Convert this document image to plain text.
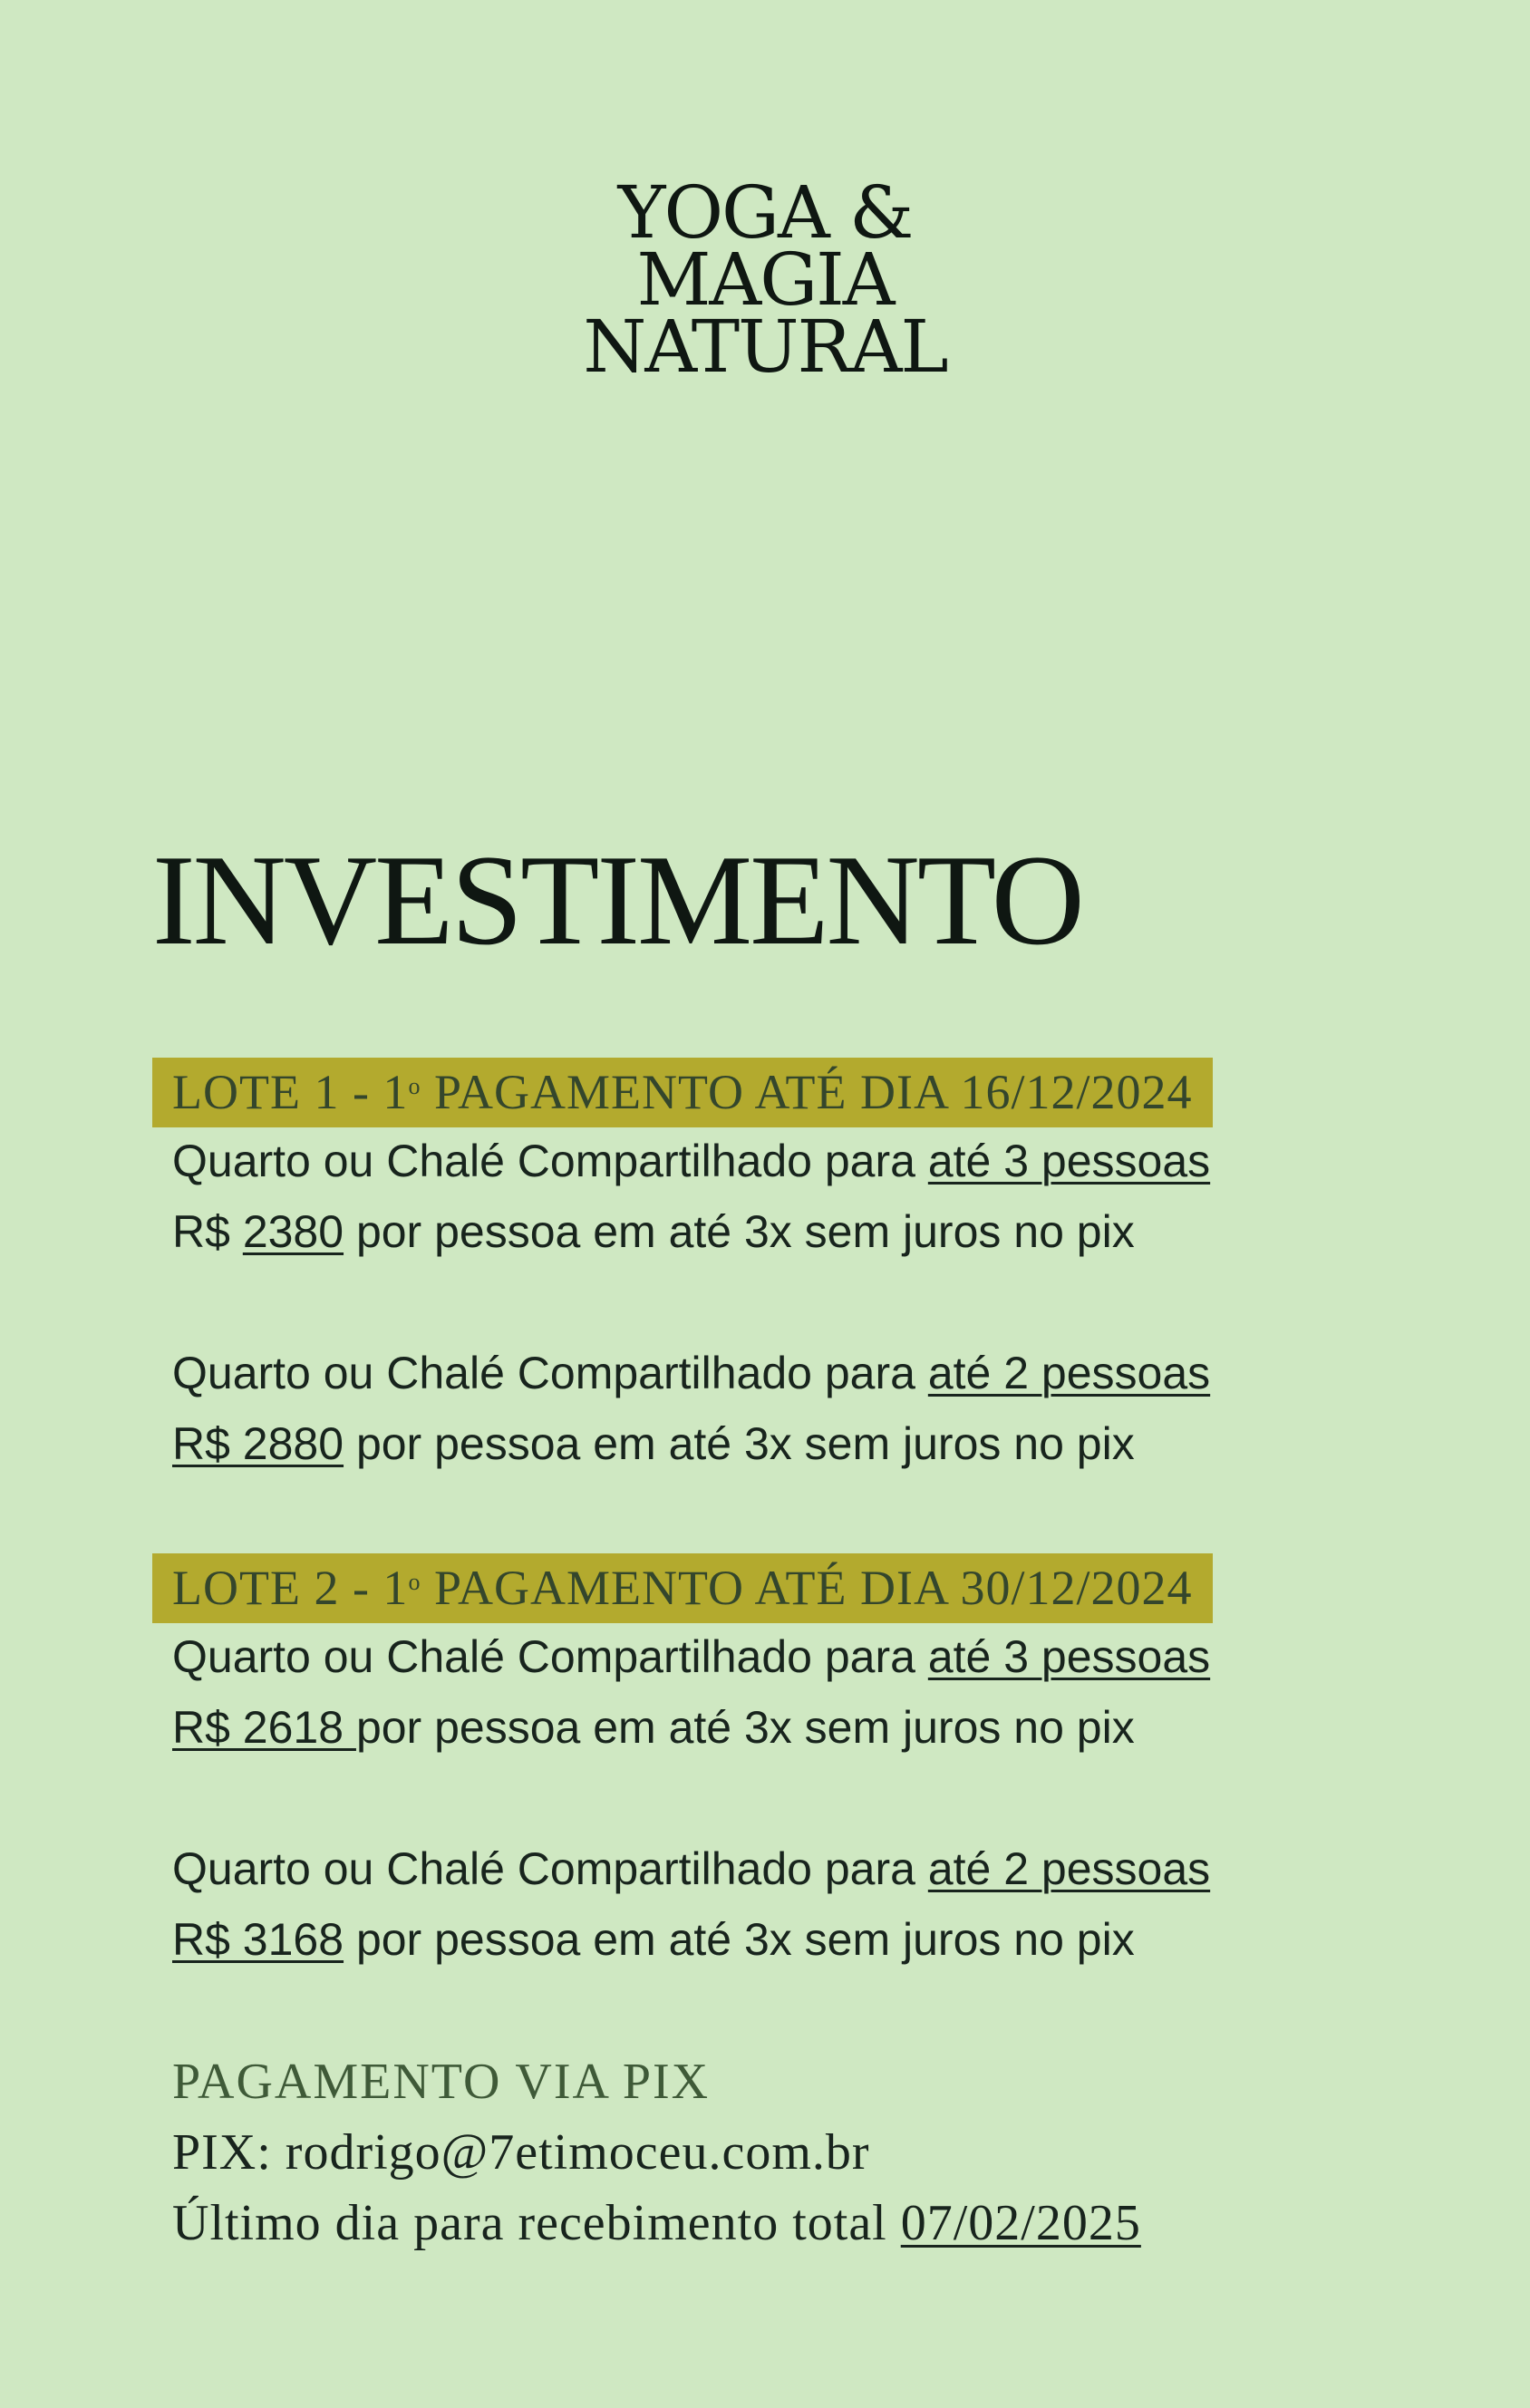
YOGA &
MAGIA
NATURAL
INVESTIMENTO
LOTE 1 - 1$^o$ PAGAMENTO ATÉ DIA 16/12/2024
Quarto ou Chalé Compartilhado para até 3 pessoas
R$ 2380 por pessoa em até 3x sem juros no pix
Quarto ou Chalé Compartilhado para até 2 pessoas
R$ 2880 por pessoa em até 3x sem juros no pix
LOTE 2 - 1$^o$ PAGAMENTO ATÉ DIA 30/12/2024
Quarto ou Chalé Compartilhado para até 3 pessoas
R$ 2618 por pessoa em até 3x sem juros no pix
Quarto ou Chalé Compartilhado para até 2 pessoas
R$ 3168 por pessoa em até 3x sem juros no pix
PAGAMENTO VIA PIX
PIX: rodrigo@7etimoceu.com.br
Último dia para recebimento total 07/02/2025
